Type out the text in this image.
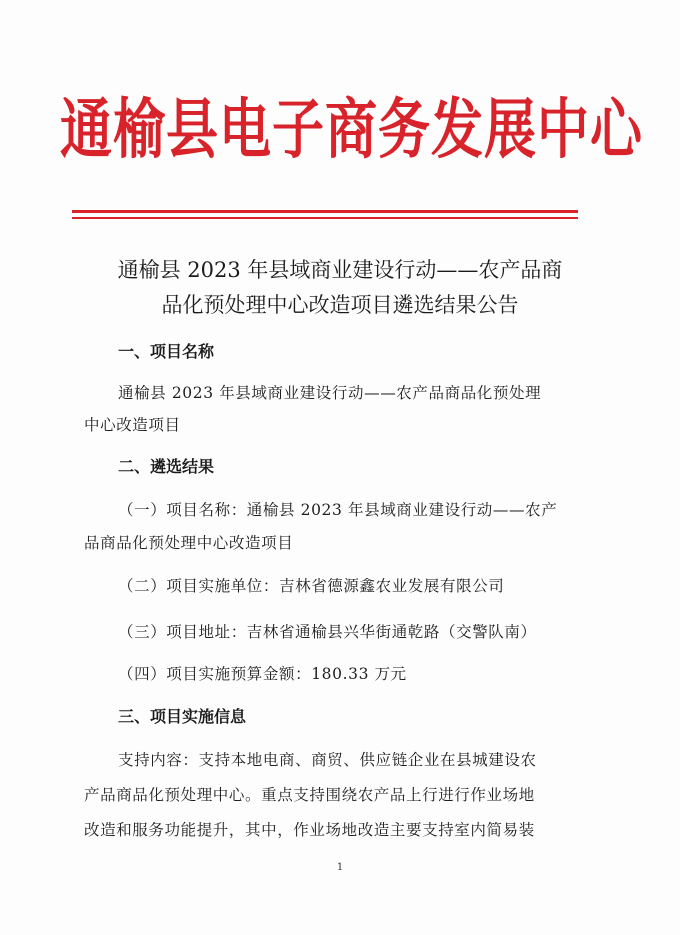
通榆县电子商务发展中心
通榆县 2023 年县域商业建设行动——农产品商
品化预处理中心改造项目遴选结果公告
一、项目名称
通榆县 2023 年县域商业建设行动——农产品商品化预处理
中心改造项目
二、遴选结果
（一）项目名称：通榆县 2023 年县域商业建设行动——农产
品商品化预处理中心改造项目
（二）项目实施单位：吉林省德源鑫农业发展有限公司
（三）项目地址：吉林省通榆县兴华街通乾路（交警队南）
（四）项目实施预算金额：180.33 万元
三、项目实施信息
支持内容：支持本地电商、商贸、供应链企业在县城建设农
产品商品化预处理中心。重点支持围绕农产品上行进行作业场地
改造和服务功能提升，其中，作业场地改造主要支持室内简易装
1
